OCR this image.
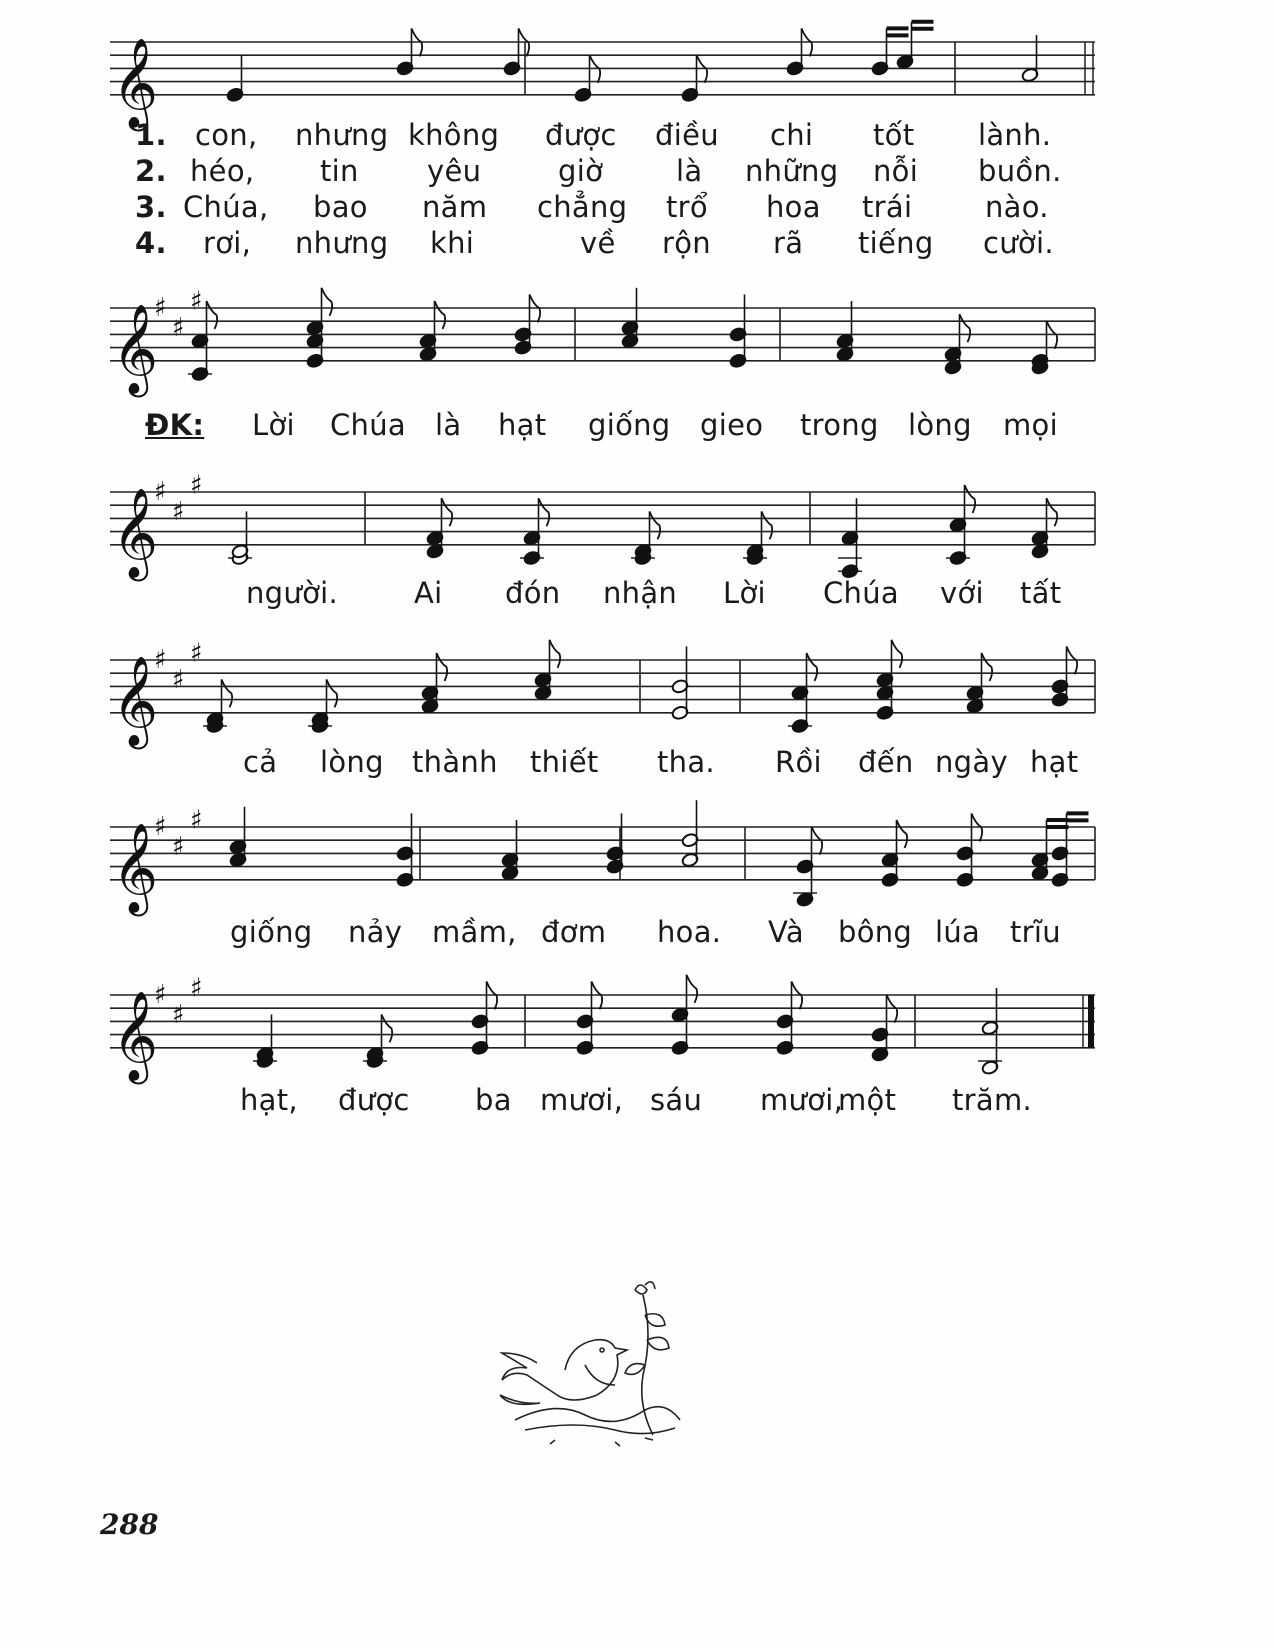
𝄞
𝄞
♯
♯
♯
𝄞
♯
♯
♯
𝄞
♯
♯
♯
𝄞
♯
♯
♯
𝄞
♯
♯
♯
1. con, nhưng không được điều chi tốt lành.
2. héo, tin yêu	giờ	là những nỗi buồn.
3. Chúa, bao năm chẳng trổ hoa trái	nào.
4. rơi, nhưng khi	về rộn rã tiếng cười.
ĐK: Lời Chúa là hạt giống gieo trong lòng mọi
người.	Ai đón nhận Lời Chúa với tất
cả lòng thành thiết tha. Rồi đến ngày hạt
giống nảy mầm, đơm hoa. Và bông lúa trĩu
hạt, được ba mươi, sáu mươi,
một trăm.
288
